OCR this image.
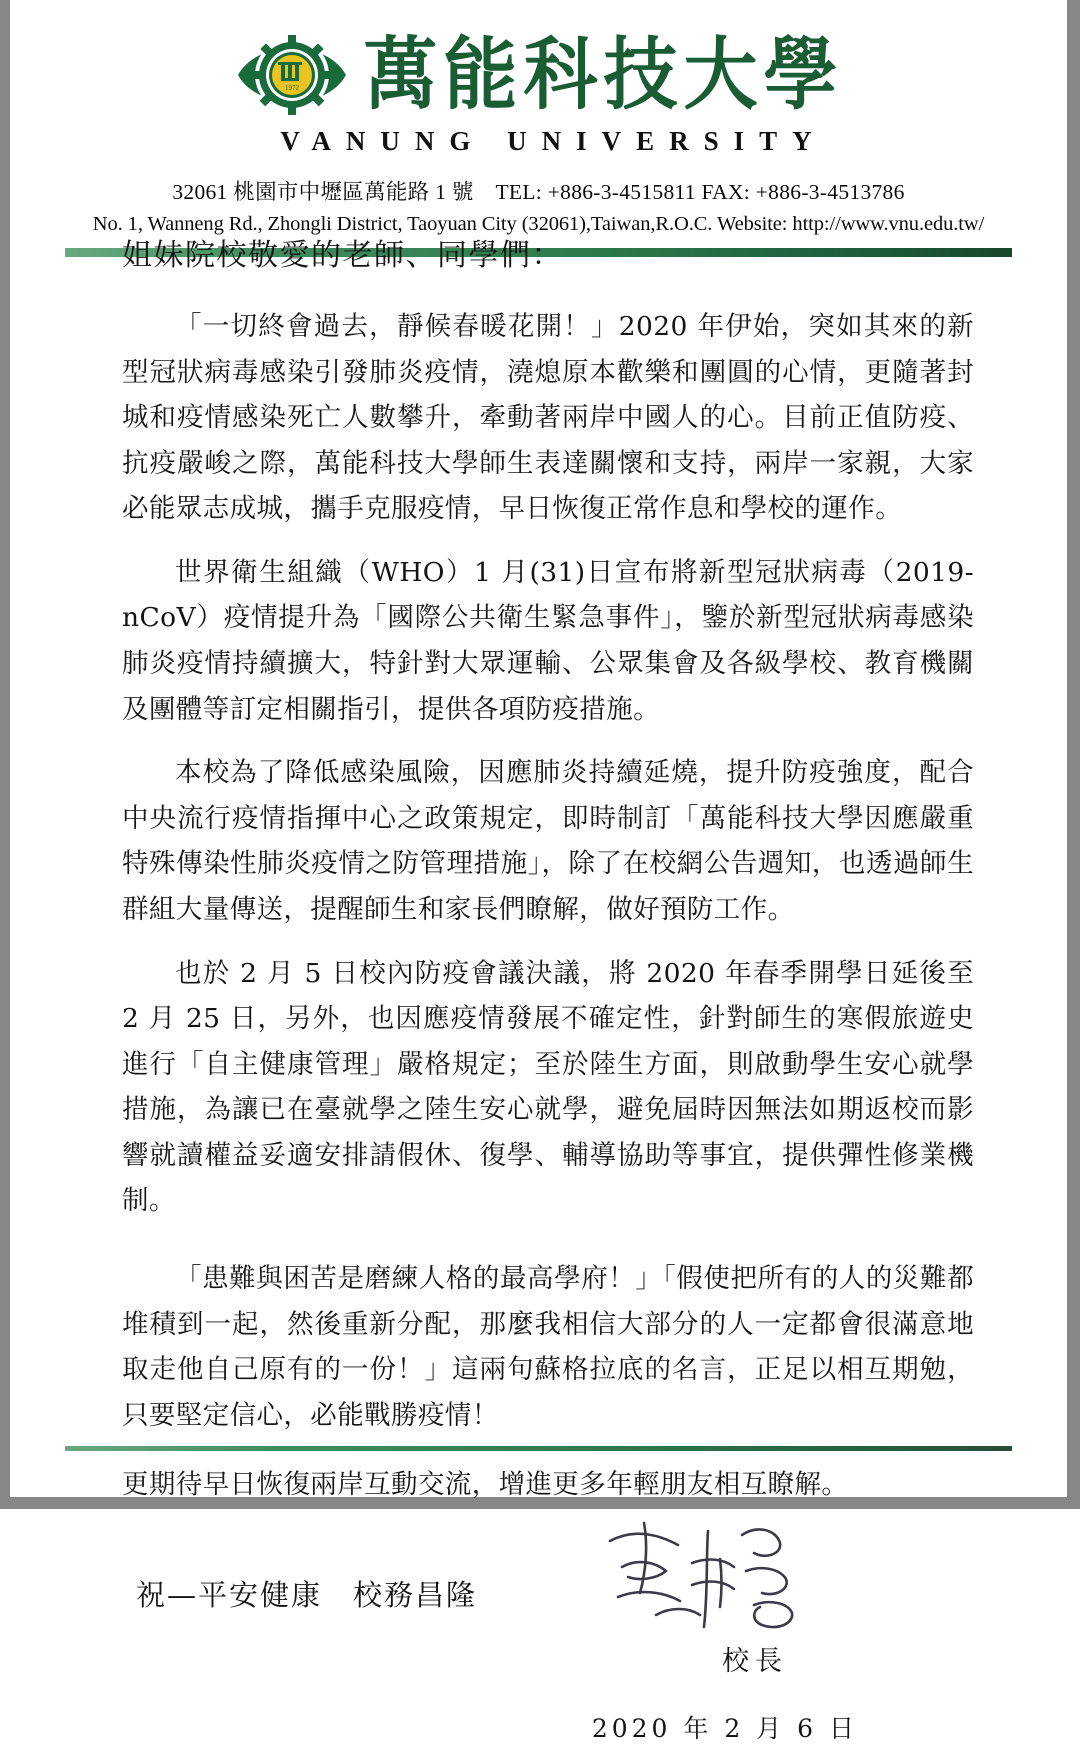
1972 萬能科技大學
VANUNG UNIVERSITY
32061 桃園市中壢區萬能路 1 號　TEL: +886-3-4515811 FAX: +886-3-4513786
No. 1, Wanneng Rd., Zhongli District, Taoyuan City (32061),Taiwan,R.O.C. Website: http://www.vnu.edu.tw/
姐妹院校敬愛的老師、同學們：

「一切終會過去，靜候春暖花開！」2020 年伊始，突如其來的新型冠狀病毒感染引發肺炎疫情，澆熄原本歡樂和團圓的心情，更隨著封城和疫情感染死亡人數攀升，牽動著兩岸中國人的心。目前正值防疫、抗疫嚴峻之際，萬能科技大學師生表達關懷和支持，兩岸一家親，大家必能眾志成城，攜手克服疫情，早日恢復正常作息和學校的運作。

世界衛生組織（WHO）1 月(31)日宣布將新型冠狀病毒（2019-nCoV）疫情提升為「國際公共衛生緊急事件」，鑒於新型冠狀病毒感染肺炎疫情持續擴大，特針對大眾運輸、公眾集會及各級學校、教育機關及團體等訂定相關指引，提供各項防疫措施。

本校為了降低感染風險，因應肺炎持續延燒，提升防疫強度，配合中央流行疫情指揮中心之政策規定，即時制訂「萬能科技大學因應嚴重特殊傳染性肺炎疫情之防管理措施」，除了在校網公告週知，也透過師生群組大量傳送，提醒師生和家長們瞭解，做好預防工作。

也於 2 月 5 日校內防疫會議決議，將 2020 年春季開學日延後至 2 月 25 日，另外，也因應疫情發展不確定性，針對師生的寒假旅遊史進行「自主健康管理」嚴格規定；至於陸生方面，則啟動學生安心就學措施，為讓已在臺就學之陸生安心就學，避免屆時因無法如期返校而影響就讀權益妥適安排請假休、復學、輔導協助等事宜，提供彈性修業機制。

「患難與困苦是磨練人格的最高學府！」「假使把所有的人的災難都堆積到一起，然後重新分配，那麼我相信大部分的人一定都會很滿意地取走他自己原有的一份！」這兩句蘇格拉底的名言，正足以相互期勉，只要堅定信心，必能戰勝疫情！

更期待早日恢復兩岸互動交流，增進更多年輕朋友相互瞭解。
祝—平安健康　校務昌隆
校長
2020 年 2 月 6 日
